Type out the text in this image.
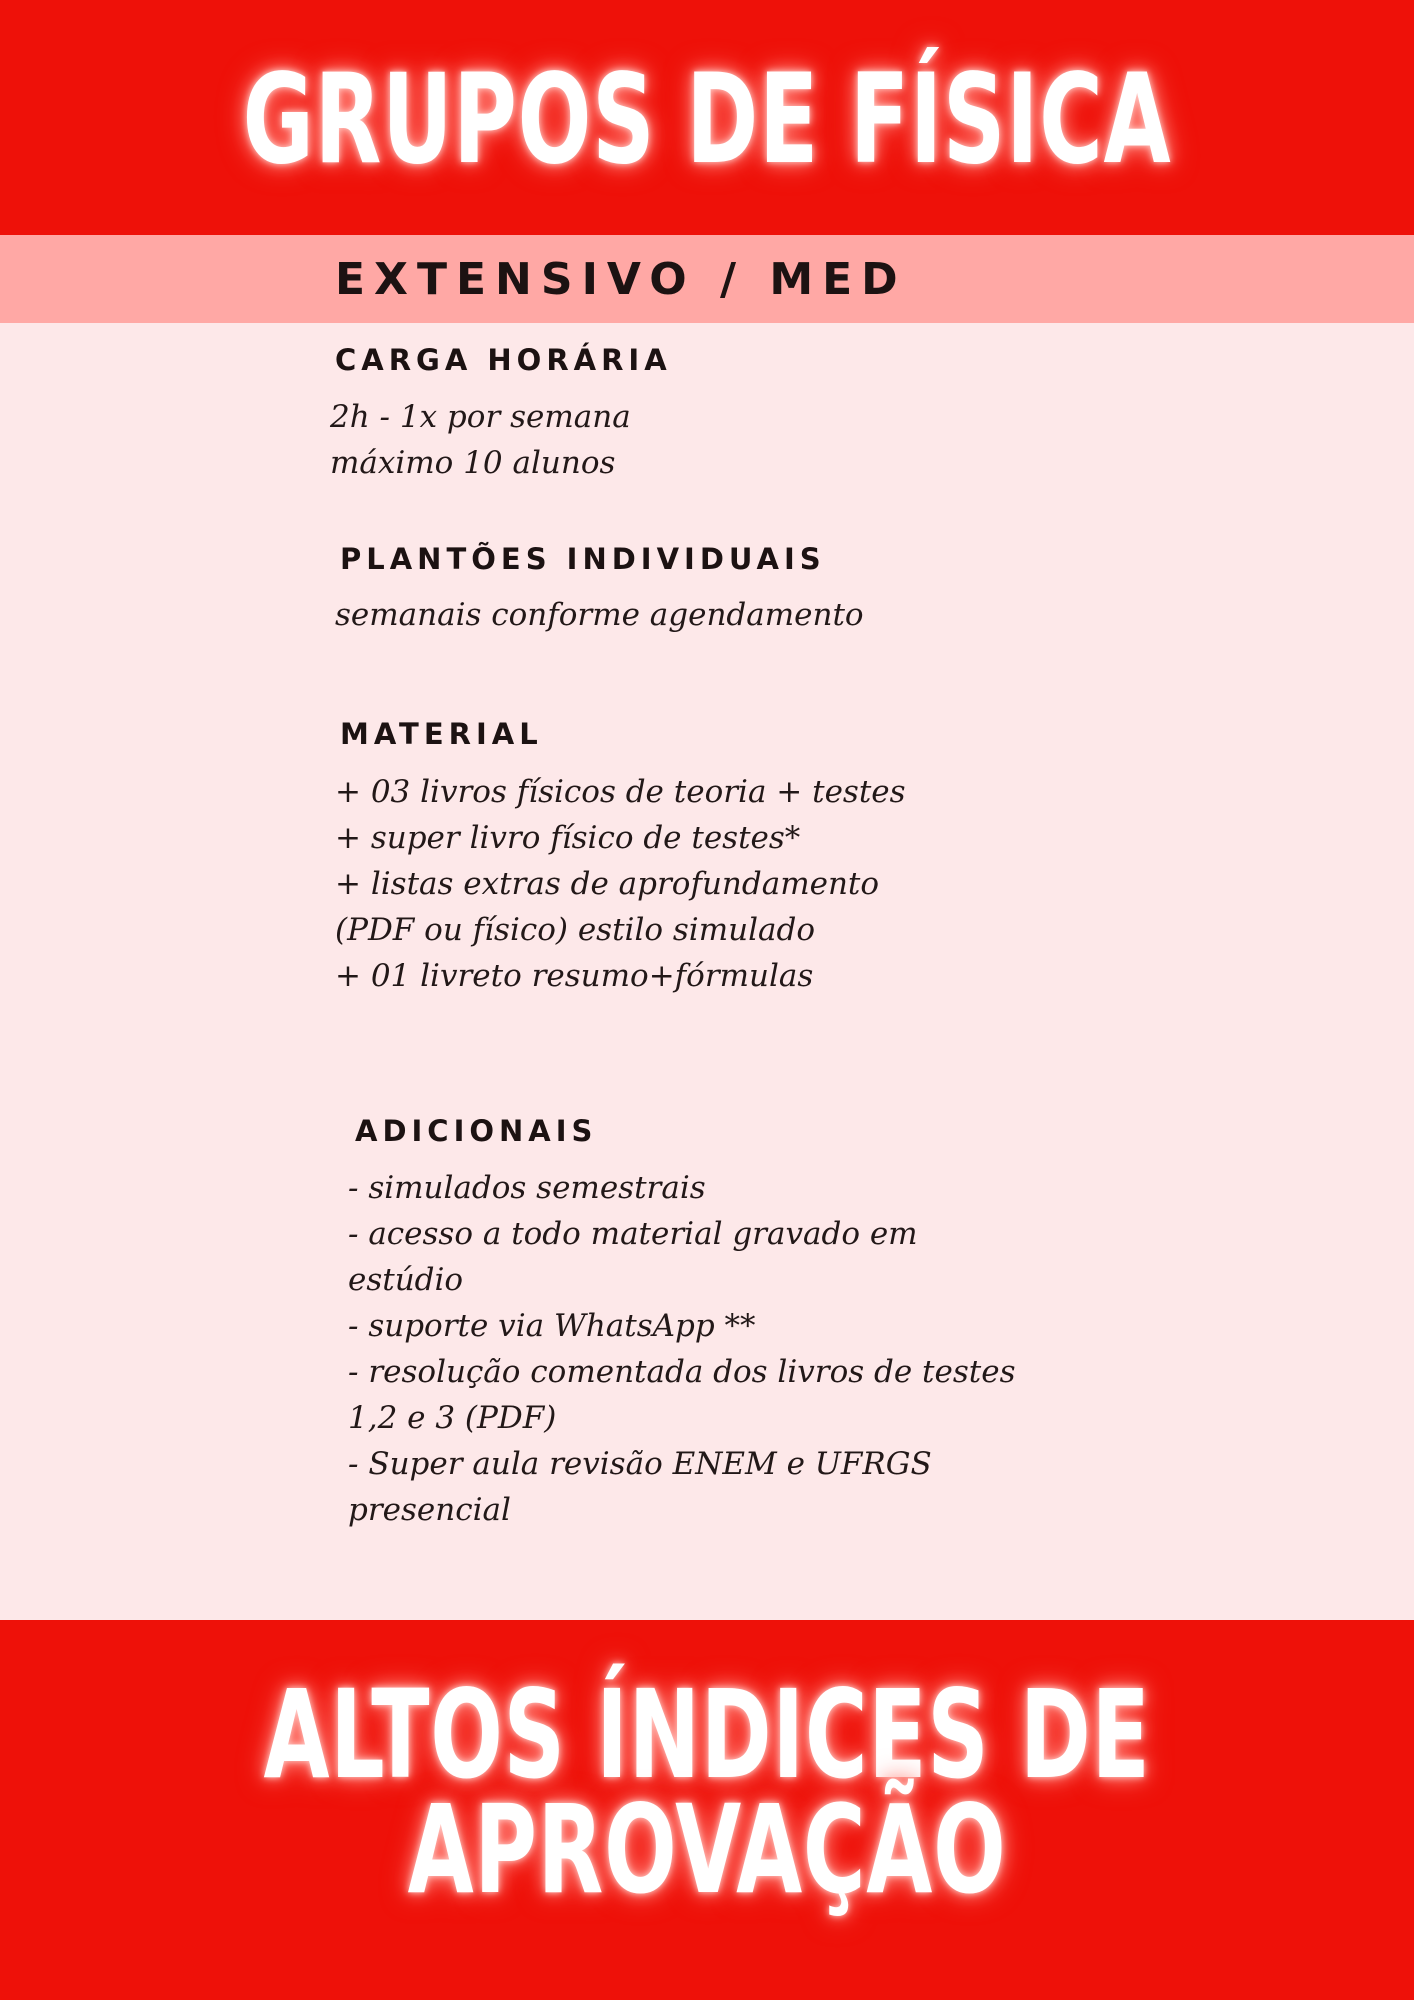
GRUPOS DE FÍSICA
EXTENSIVO / MED
CARGA HORÁRIA
2h - 1x por semana
máximo 10 alunos
PLANTÕES INDIVIDUAIS
semanais conforme agendamento
MATERIAL
+ 03 livros físicos de teoria + testes
+ super livro físico de testes*
+ listas extras de aprofundamento
(PDF ou físico) estilo simulado
+ 01 livreto resumo+fórmulas
ADICIONAIS
- simulados semestrais
- acesso a todo material gravado em
estúdio
- suporte via WhatsApp **
- resolução comentada dos livros de testes
1,2 e 3 (PDF)
- Super aula revisão ENEM e UFRGS
presencial
ALTOS ÍNDICES DE
APROVAÇÃO
